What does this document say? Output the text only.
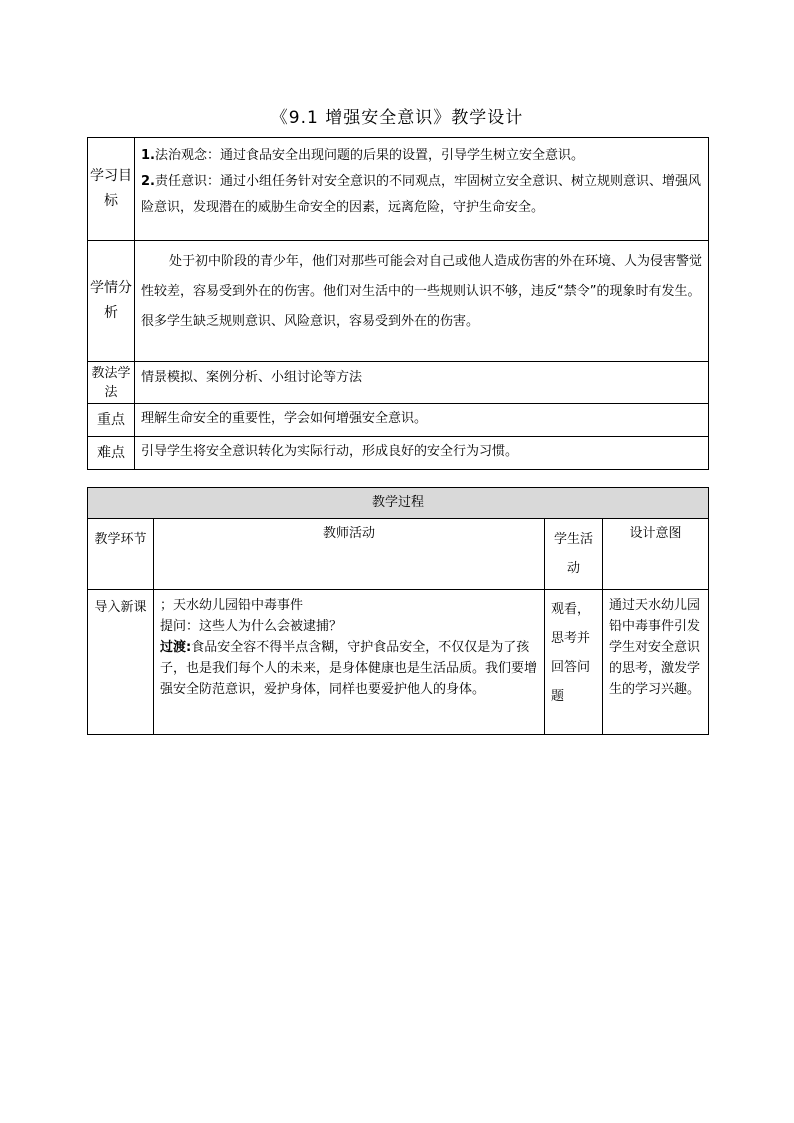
《9.1 增强安全意识》教学设计
学习目标	1.法治观念：通过食品安全出现问题的后果的设置，引导学生树立安全意识。

2.责任意识：通过小组任务针对安全意识的不同观点，牢固树立安全意识、树立规则意识、增强风险意识，发现潜在的威胁生命安全的因素，远离危险，守护生命安全。

学情分析	处于初中阶段的青少年，他们对那些可能会对自己或他人造成伤害的外在环境、人为侵害警觉性较差，容易受到外在的伤害。他们对生活中的一些规则认识不够，违反“禁令”的现象时有发生。很多学生缺乏规则意识、风险意识，容易受到外在的伤害。

教法学法	情景模拟、案例分析、小组讨论等方法
重点	理解生命安全的重要性，学会如何增强安全意识。
难点	引导学生将安全意识转化为实际行动，形成良好的安全行为习惯。
教学过程			
教学环节	教师活动	学生活动	设计意图
导入新课	；天水幼儿园铅中毒事件
提问：这些人为什么会被逮捕？
过渡:食品安全容不得半点含糊，守护食品安全，不仅仅是为了孩子，也是我们每个人的未来，是身体健康也是生活品质。我们要增强安全防范意识，爱护身体，同样也要爱护他人的身体。	观看，思考并回答问题	通过天水幼儿园铅中毒事件引发学生对安全意识的思考，激发学生的学习兴趣。
